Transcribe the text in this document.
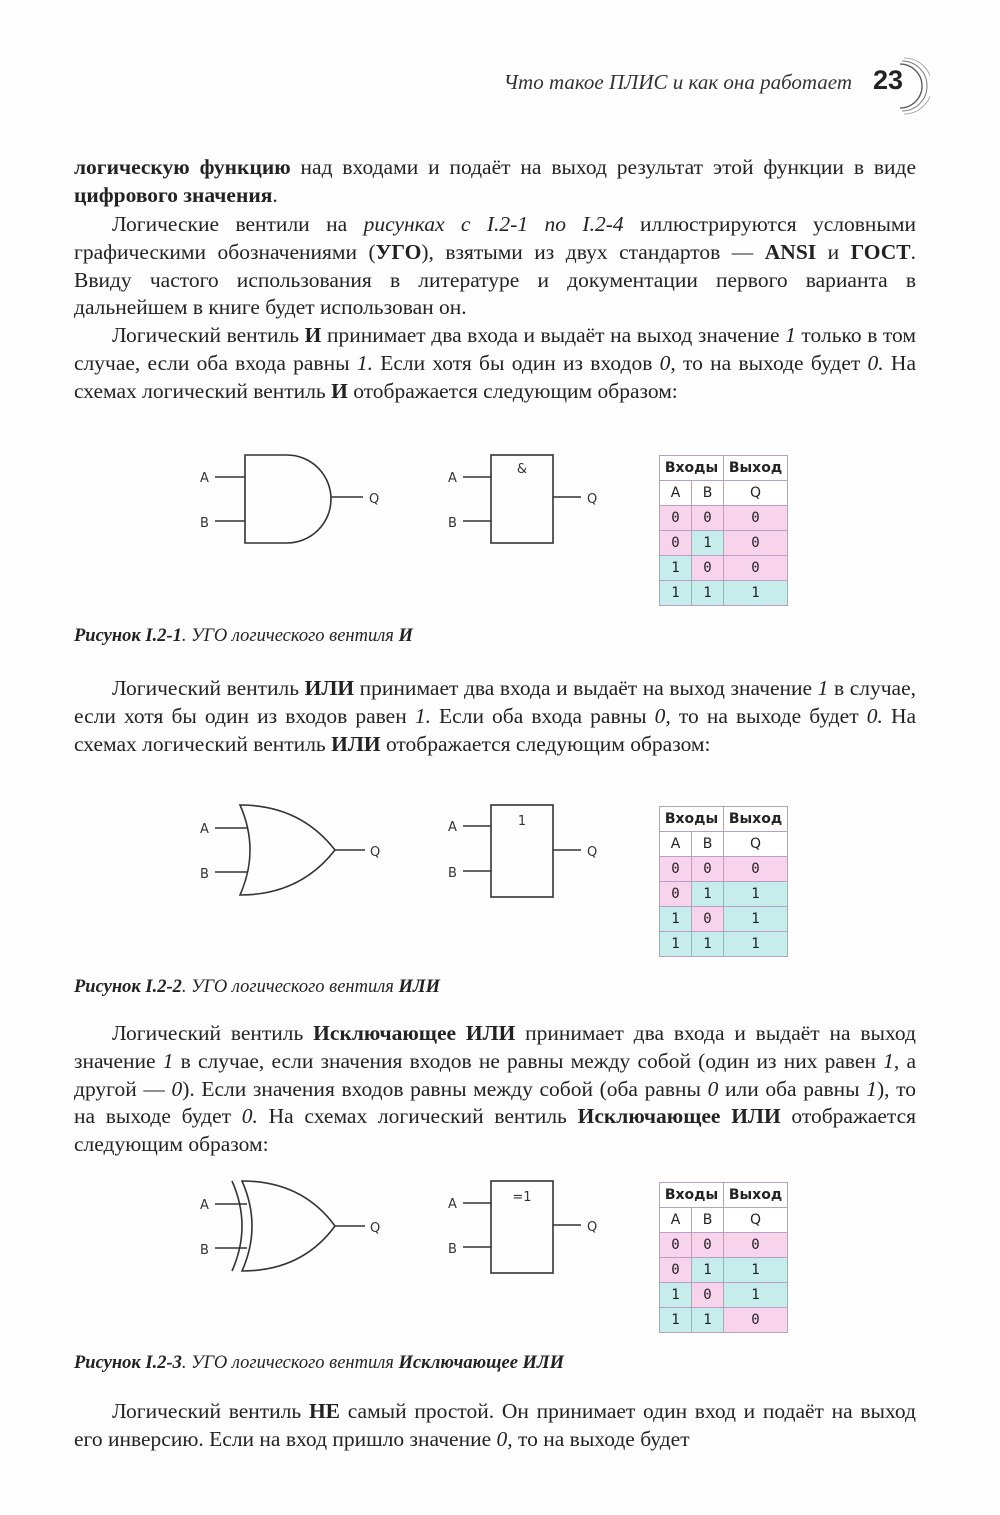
Что такое ПЛИС и как она работает 23

логическую функцию над входами и подаёт на выход результат этой функции в виде цифрового значения.

Логические вентили на рисунках с I.2-1 по I.2-4 иллюстрируются условными графическими обозначениями (УГО), взятыми из двух стандартов — ANSI и ГОСТ. Ввиду частого использования в литературе и документации первого варианта в дальнейшем в книге будет использован он.

Логический вентиль И принимает два входа и выдаёт на выход значение 1 только в том случае, если оба входа равны 1. Если хотя бы один из входов 0, то на выходе будет 0. На схемах логический вентиль И отображается следующим образом:

A
B
Q
A
B
&
Q
Входы		Выход
A	B	Q
0	0	0
0	1	0
1	0	0
1	1	1

Рисунок I.2-1. УГО логического вентиля И

Логический вентиль ИЛИ принимает два входа и выдаёт на выход значение 1 в случае, если хотя бы один из входов равен 1. Если оба входа равны 0, то на выходе будет 0. На схемах логический вентиль ИЛИ отображается следующим образом:

A
B
Q
A
B
1
Q
Входы		Выход
A	B	Q
0	0	0
0	1	1
1	0	1
1	1	1

Рисунок I.2-2. УГО логического вентиля ИЛИ

Логический вентиль Исключающее ИЛИ принимает два входа и выдаёт на выход значение 1 в случае, если значения входов не равны между собой (один из них равен 1, а другой — 0). Если значения входов равны между собой (оба равны 0 или оба равны 1), то на выходе будет 0. На схемах логический вентиль Исключающее ИЛИ отображается следующим образом:

A
B
Q
A
B
=1
Q
Входы		Выход
A	B	Q
0	0	0
0	1	1
1	0	1
1	1	0

Рисунок I.2-3. УГО логического вентиля Исключающее ИЛИ

Логический вентиль НЕ самый простой. Он принимает один вход и подаёт на выход его инверсию. Если на вход пришло значение 0, то на выходе будет
